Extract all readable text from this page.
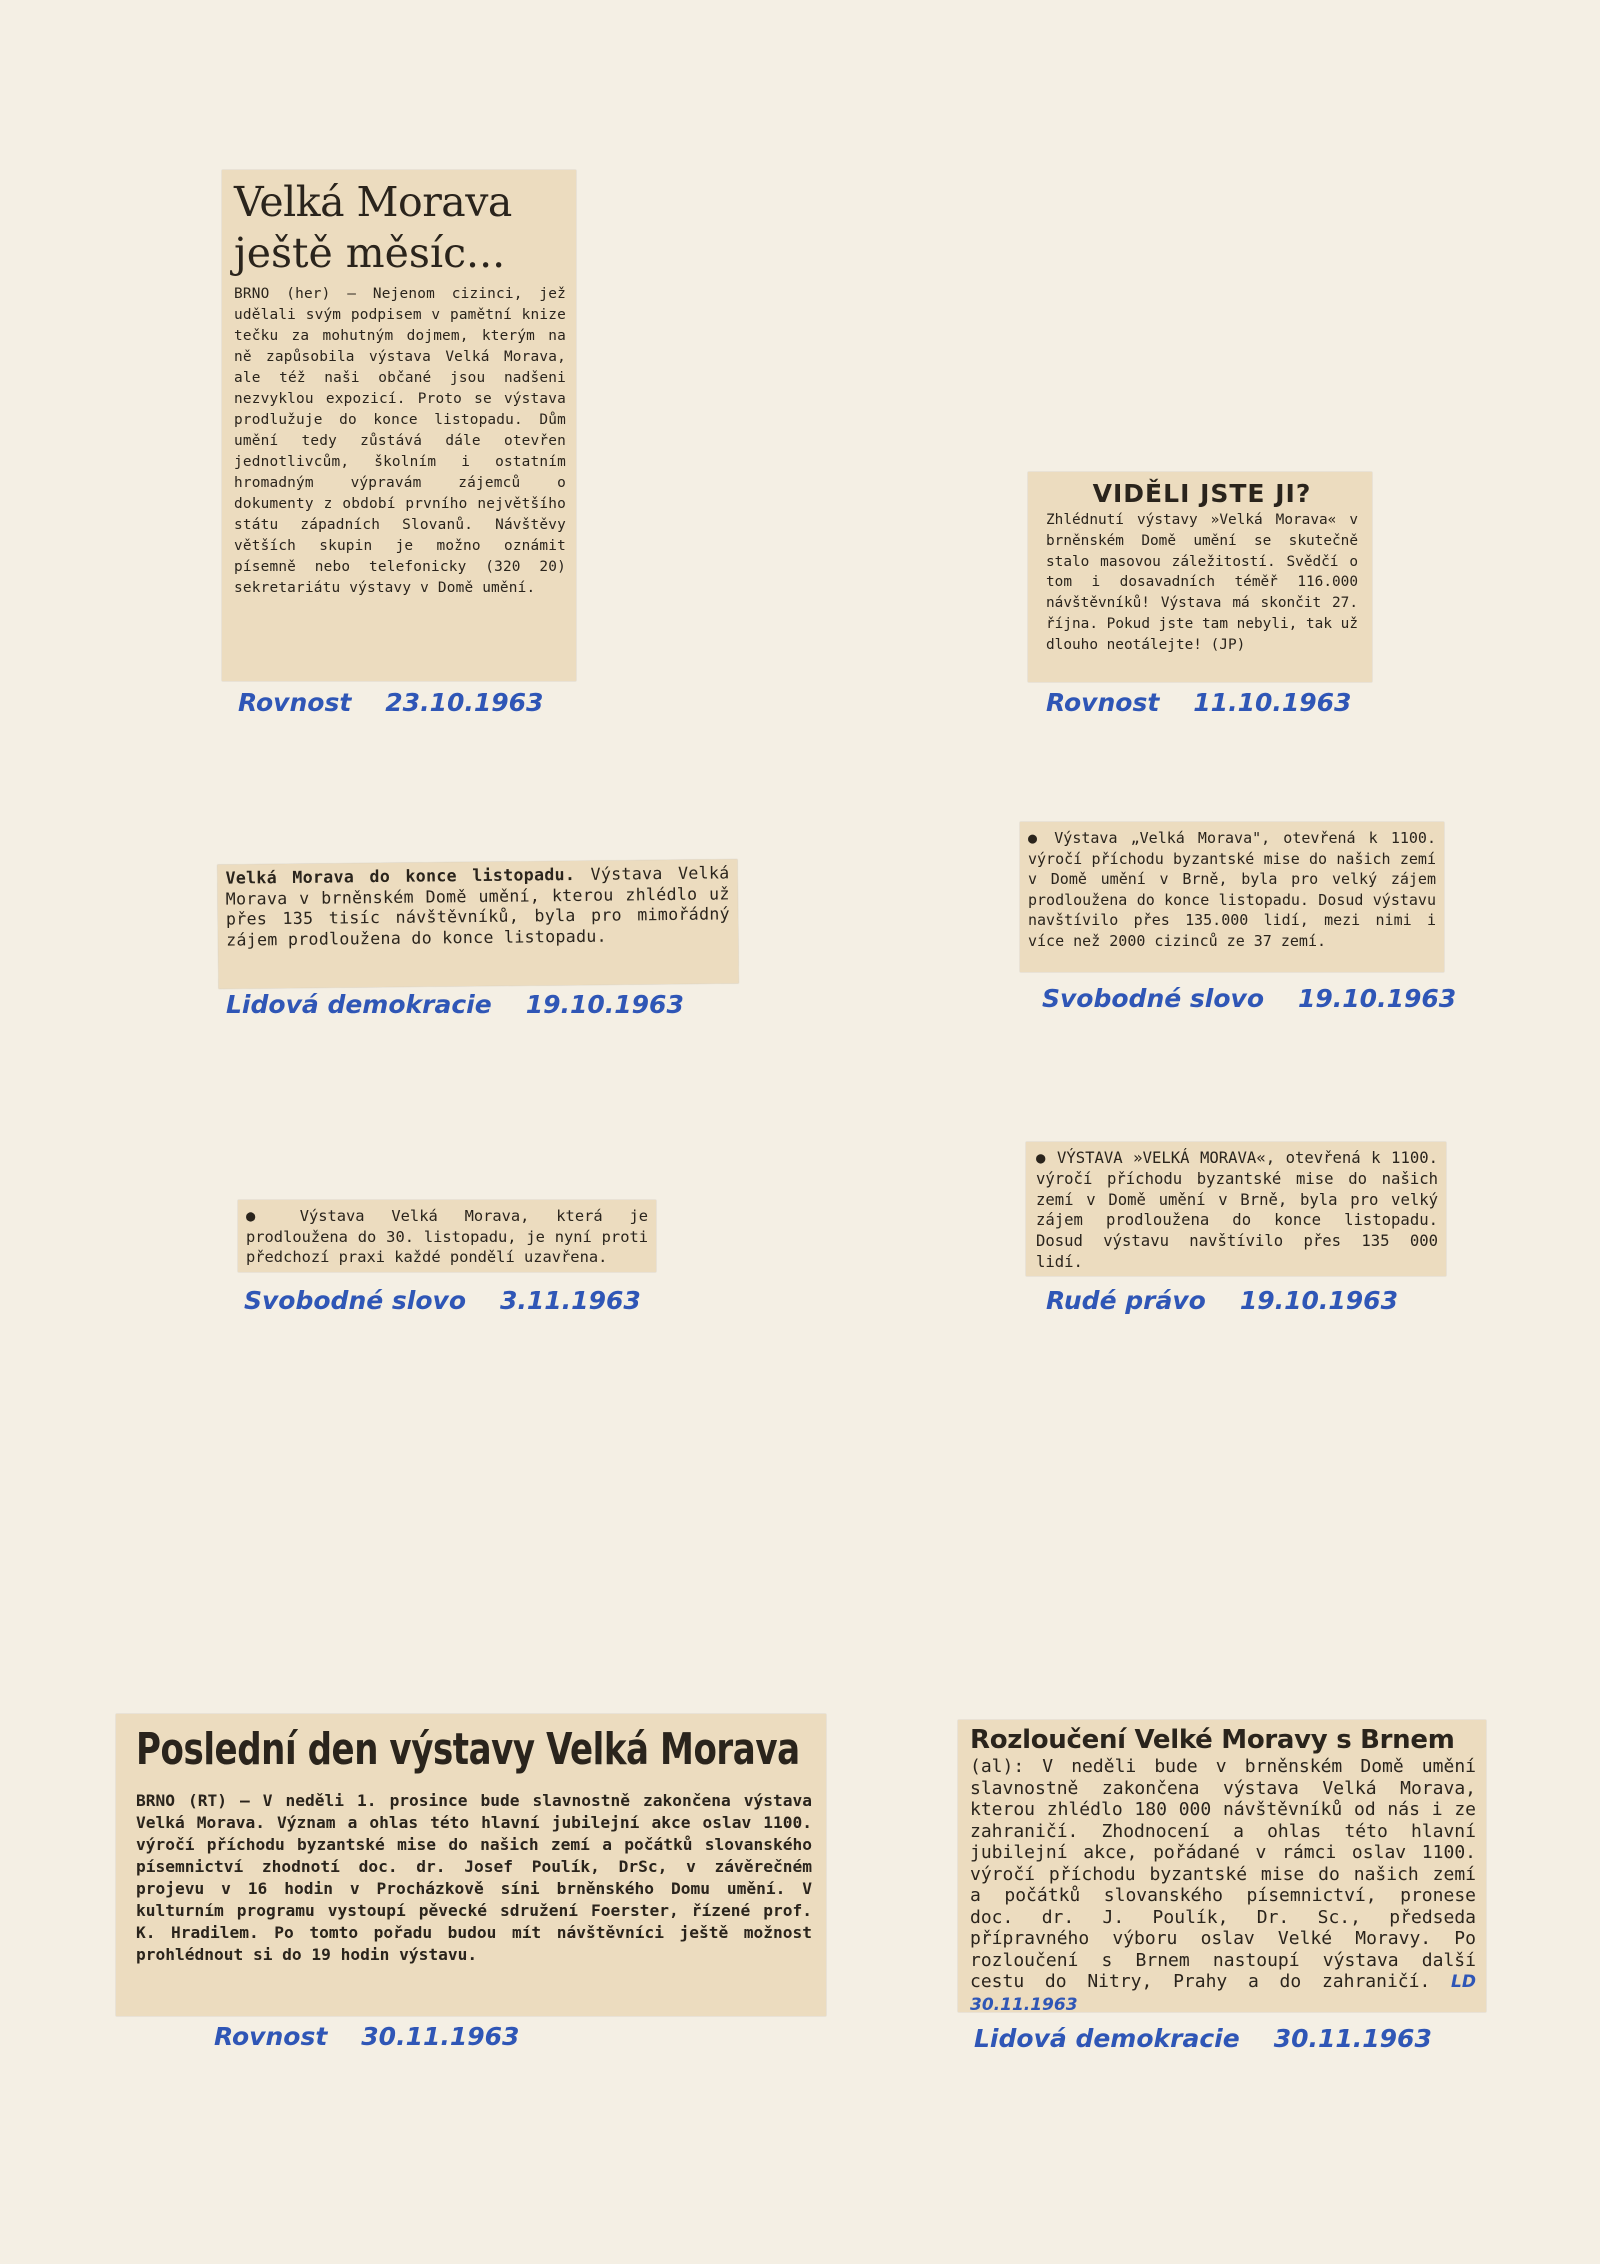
Velká Morava
ještě měsíc...

BRNO (her) — Nejenom cizinci, jež udělali svým podpisem v pamětní knize tečku za mohutným dojmem, kterým na ně zapůsobila výstava Velká Morava, ale též naši občané jsou nadšeni nezvyklou expozicí. Proto se výstava prodlužuje do konce listopadu. Dům umění tedy zůstává dále otevřen jednotlivcům, školním i ostatním hromadným výpravám zájemců o dokumenty z období prvního největšího státu západních Slovanů. Návštěvy větších skupin je možno oznámit písemně nebo telefonicky (320 20) sekretariátu výstavy v Domě umění.

Rovnost 23.10.1963
VIDĚLI JSTE JI?

Zhlédnutí výstavy »Velká Morava« v brněnském Domě umění se skutečně stalo masovou záležitostí. Svědčí o tom i dosavadních téměř 116.000 návštěvníků! Výstava má skončit 27. října. Pokud jste tam nebyli, tak už dlouho neotálejte! (JP)

Rovnost 11.10.1963

Velká Morava do konce listopadu. Výstava Velká Morava v brněnském Domě umění, kterou zhlédlo už přes 135 tisíc návštěvníků, byla pro mimořádný zájem prodloužena do konce listopadu.

Lidová demokracie 19.10.1963

● Výstava „Velká Morava", otevřená k 1100. výročí příchodu byzantské mise do našich zemí v Domě umění v Brně, byla pro velký zájem prodloužena do konce listopadu. Dosud výstavu navštívilo přes 135.000 lidí, mezi nimi i více než 2000 cizinců ze 37 zemí.

Svobodné slovo 19.10.1963

● Výstava Velká Morava, která je prodloužena do 30. listopadu, je nyní proti předchozí praxi každé pondělí uzavřena.

Svobodné slovo 3.11.1963

● VÝSTAVA »VELKÁ MORAVA«, otevřená k 1100. výročí příchodu byzantské mise do našich zemí v Domě umění v Brně, byla pro velký zájem prodloužena do konce listopadu. Dosud výstavu navštívilo přes 135 000 lidí.

Rudé právo 19.10.1963
Poslední den výstavy Velká Morava

BRNO (RT) — V neděli 1. prosince bude slavnostně zakončena výstava Velká Morava. Význam a ohlas této hlavní jubilejní akce oslav 1100. výročí příchodu byzantské mise do našich zemí a počátků slovanského písemnictví zhodnotí doc. dr. Josef Poulík, DrSc, v závěrečném projevu v 16 hodin v Procházkově síni brněnského Domu umění. V kulturním programu vystoupí pěvecké sdružení Foerster, řízené prof. K. Hradilem. Po tomto pořadu budou mít návštěvníci ještě možnost prohlédnout si do 19 hodin výstavu.

Rovnost 30.11.1963
Rozloučení Velké Moravy s Brnem

(al): V neděli bude v brněnském Domě umění slavnostně zakončena výstava Velká Morava, kterou zhlédlo 180 000 návštěvníků od nás i ze zahraničí. Zhodnocení a ohlas této hlavní jubilejní akce, pořádané v rámci oslav 1100. výročí příchodu byzantské mise do našich zemí a počátků slovanského písemnictví, pronese doc. dr. J. Poulík, Dr. Sc., předseda přípravného výboru oslav Velké Moravy. Po rozloučení s Brnem nastoupí výstava další cestu do Nitry, Prahy a do zahraničí. LD 30.11.1963

Lidová demokracie 30.11.1963
